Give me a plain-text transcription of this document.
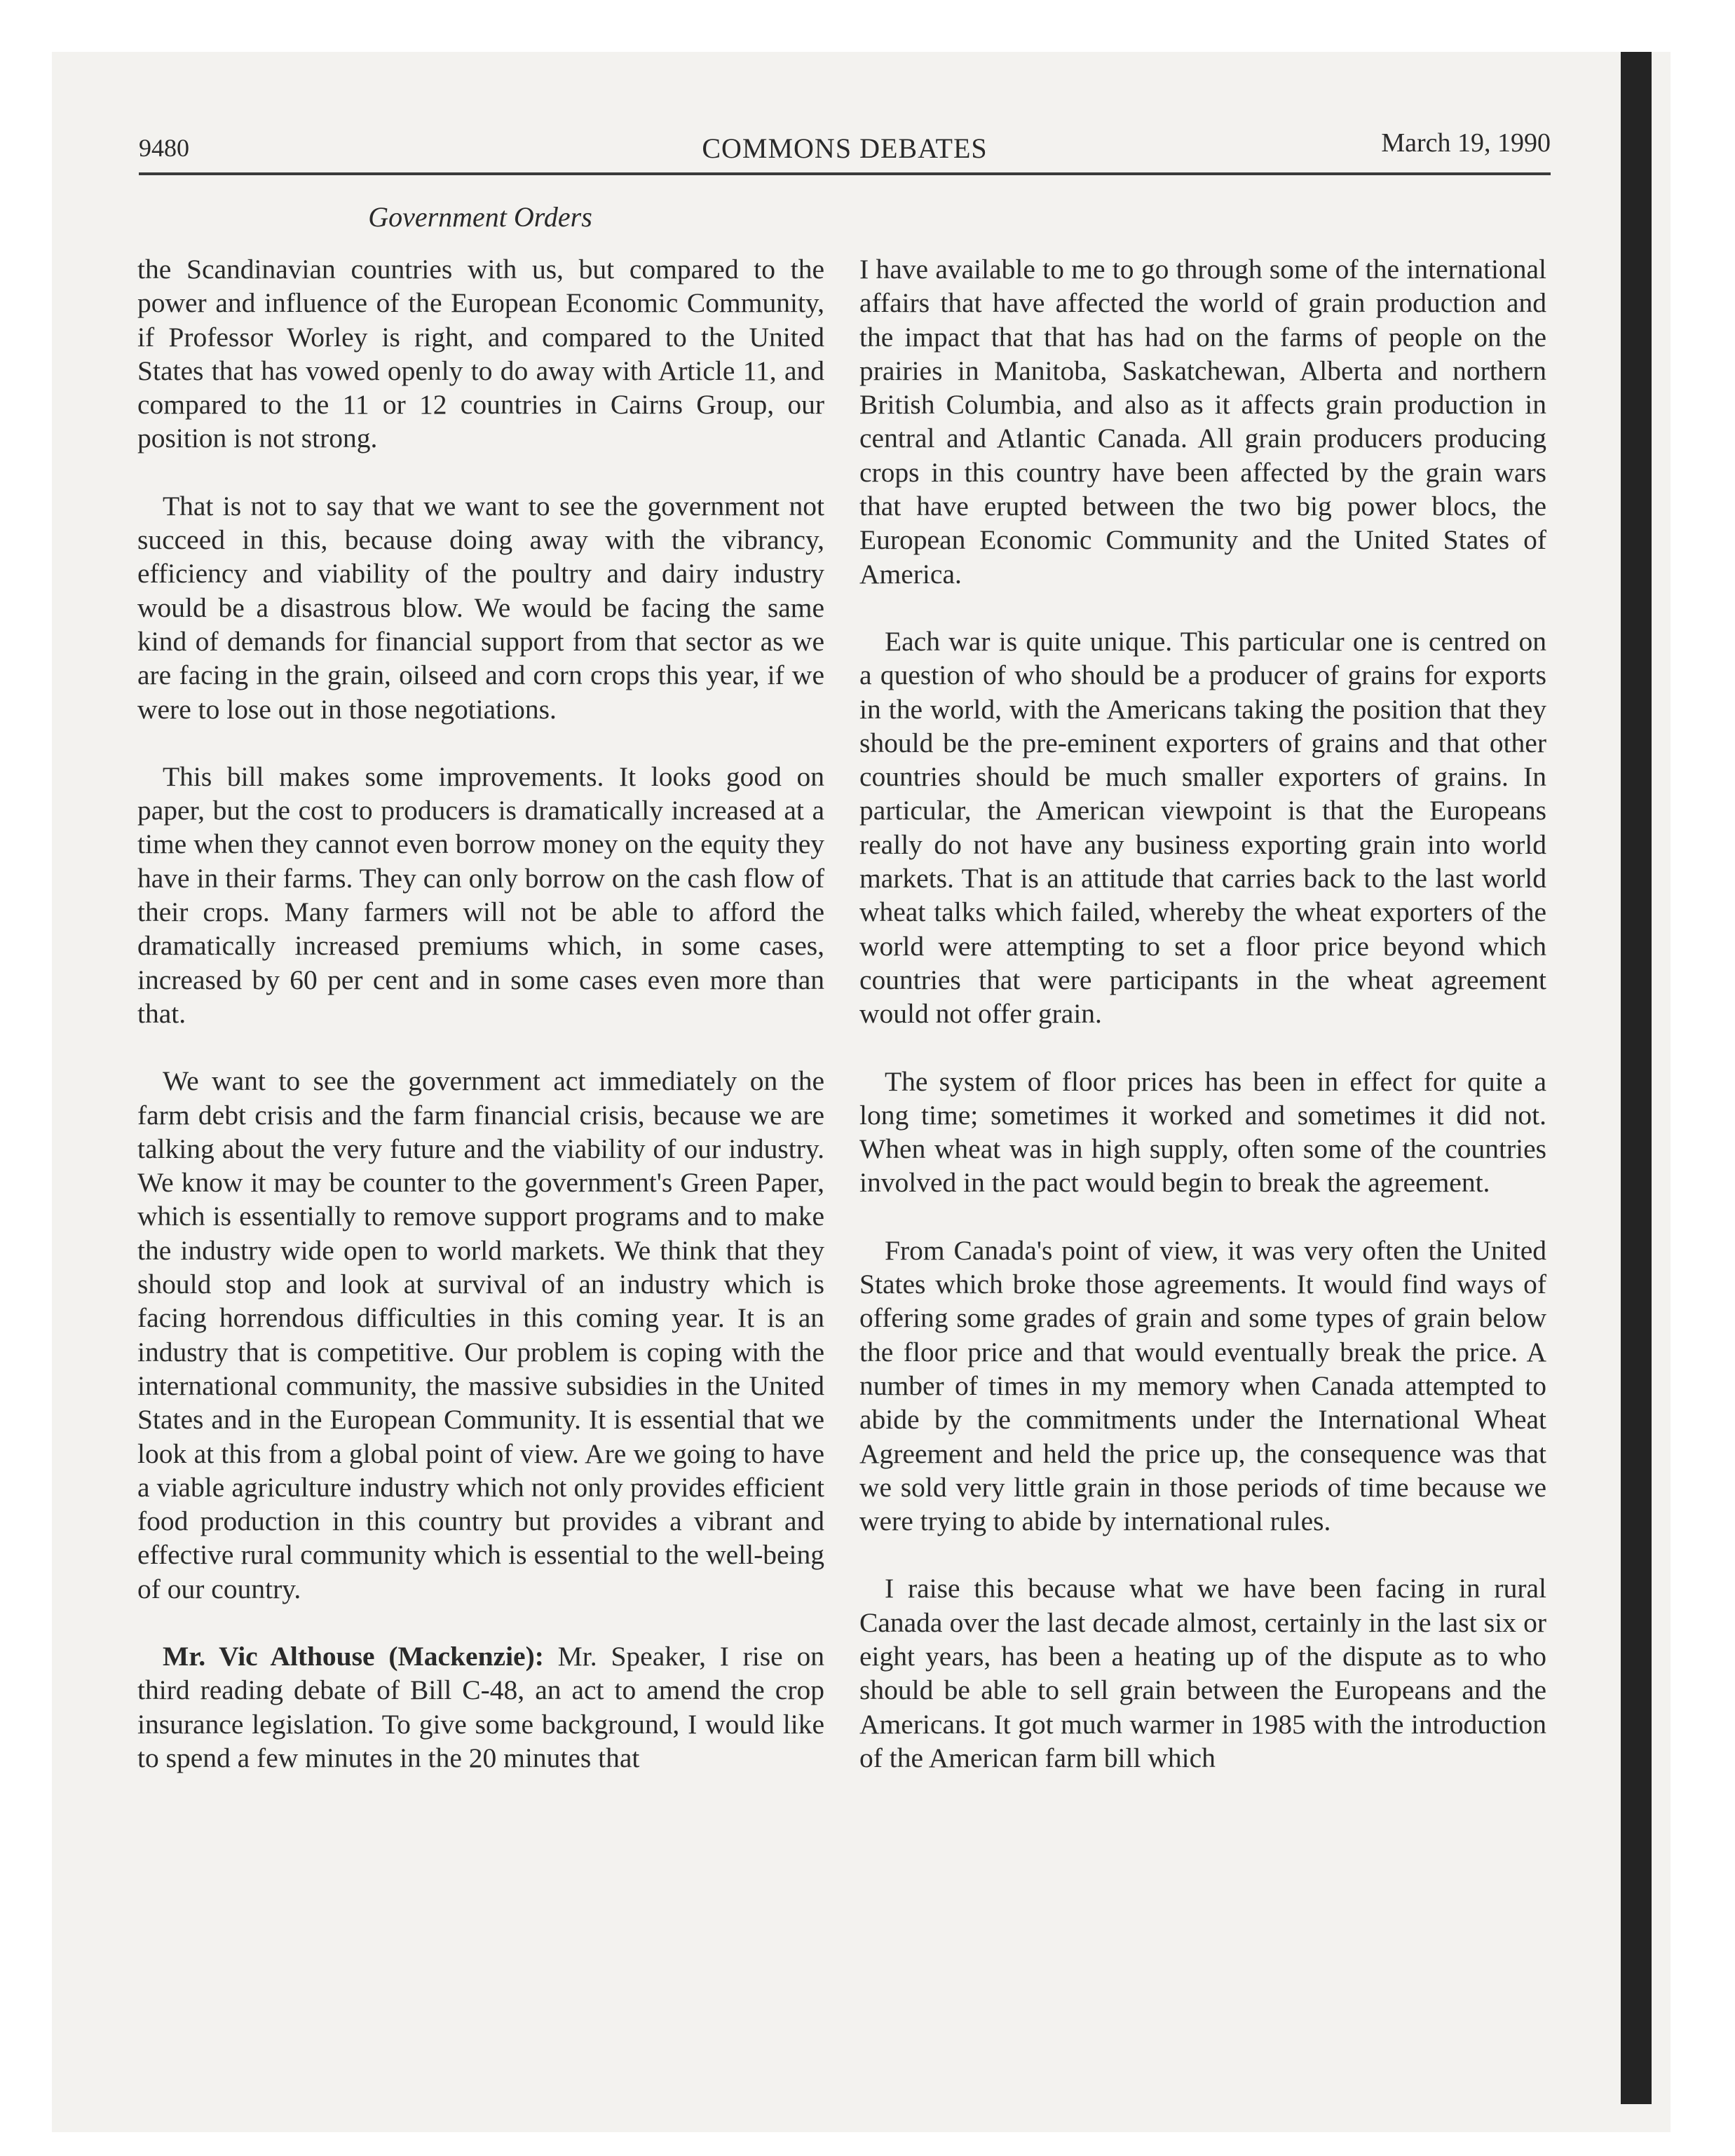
9480	COMMONS DEBATES	March 19, 1990
Government Orders

the Scandinavian countries with us, but compared to the power and influence of the European Economic Community, if Professor Worley is right, and compared to the United States that has vowed openly to do away with Article 11, and compared to the 11 or 12 countries in Cairns Group, our position is not strong.

That is not to say that we want to see the government not succeed in this, because doing away with the vibrancy, efficiency and viability of the poultry and dairy industry would be a disastrous blow. We would be facing the same kind of demands for financial support from that sector as we are facing in the grain, oilseed and corn crops this year, if we were to lose out in those negotiations.

This bill makes some improvements. It looks good on paper, but the cost to producers is dramatically increased at a time when they cannot even borrow money on the equity they have in their farms. They can only borrow on the cash flow of their crops. Many farmers will not be able to afford the dramatically increased premiums which, in some cases, increased by 60 per cent and in some cases even more than that.

We want to see the government act immediately on the farm debt crisis and the farm financial crisis, because we are talking about the very future and the viability of our industry. We know it may be counter to the government's Green Paper, which is essentially to remove support programs and to make the industry wide open to world markets. We think that they should stop and look at survival of an industry which is facing horrendous difficulties in this coming year. It is an industry that is competitive. Our problem is coping with the international community, the massive subsidies in the United States and in the European Community. It is essential that we look at this from a global point of view. Are we going to have a viable agriculture industry which not only provides efficient food production in this country but provides a vibrant and effective rural community which is essential to the well-being of our country.

Mr. Vic Althouse (Mackenzie): Mr. Speaker, I rise on third reading debate of Bill C-48, an act to amend the crop insurance legislation. To give some background, I would like to spend a few minutes in the 20 minutes that

I have available to me to go through some of the international affairs that have affected the world of grain production and the impact that that has had on the farms of people on the prairies in Manitoba, Saskatchewan, Alberta and northern British Columbia, and also as it affects grain production in central and Atlantic Canada. All grain producers producing crops in this country have been affected by the grain wars that have erupted between the two big power blocs, the European Economic Community and the United States of America.

Each war is quite unique. This particular one is centred on a question of who should be a producer of grains for exports in the world, with the Americans taking the position that they should be the pre-eminent exporters of grains and that other countries should be much smaller exporters of grains. In particular, the American viewpoint is that the Europeans really do not have any business exporting grain into world markets. That is an attitude that carries back to the last world wheat talks which failed, whereby the wheat exporters of the world were attempting to set a floor price beyond which countries that were participants in the wheat agreement would not offer grain.

The system of floor prices has been in effect for quite a long time; sometimes it worked and sometimes it did not. When wheat was in high supply, often some of the countries involved in the pact would begin to break the agreement.

From Canada's point of view, it was very often the United States which broke those agreements. It would find ways of offering some grades of grain and some types of grain below the floor price and that would eventually break the price. A number of times in my memory when Canada attempted to abide by the commitments under the International Wheat Agreement and held the price up, the consequence was that we sold very little grain in those periods of time because we were trying to abide by international rules.

I raise this because what we have been facing in rural Canada over the last decade almost, certainly in the last six or eight years, has been a heating up of the dispute as to who should be able to sell grain between the Europeans and the Americans. It got much warmer in 1985 with the introduction of the American farm bill which
